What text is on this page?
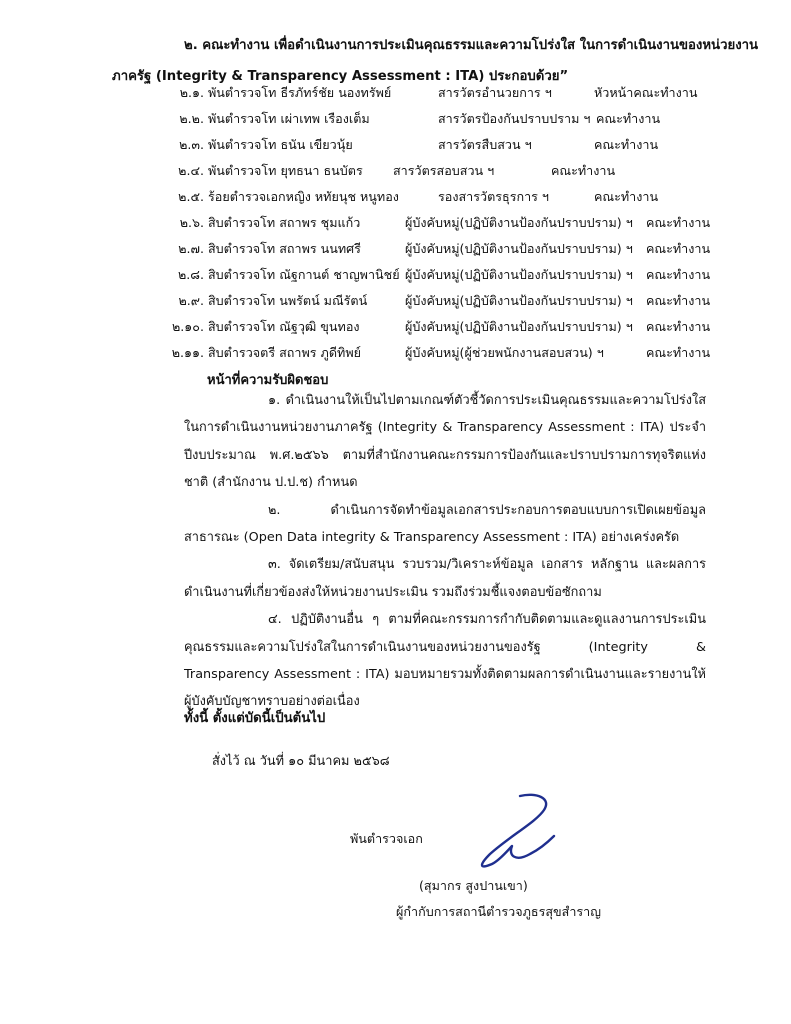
๒. คณะทำงาน เพื่อดำเนินงานการประเมินคุณธรรมและความโปร่งใส ในการดำเนินงานของหน่วยงาน
ภาครัฐ (Integrity & Transparency Assessment : ITA) ประกอบด้วย”
๒.๑. พันตำรวจโท ธีรภัทร์ชัย นองทรัพย์	สารวัตรอำนวยการ ฯ	หัวหน้าคณะทำงาน
๒.๒. พันตำรวจโท เผ่าเทพ เรืองเต็ม	สารวัตรป้องกันปราบปราม ฯ คณะทำงาน
๒.๓. พันตำรวจโท ธนัน เขียวนุ้ย	สารวัตรสืบสวน ฯ	คณะทำงาน
๒.๔. พันตำรวจโท ยุทธนา ธนบัตร สารวัตรสอบสวน ฯ	คณะทำงาน
๒.๕. ร้อยตำรวจเอกหญิง หทัยนุช หนูทอง	รองสารวัตรธุรการ ฯ	คณะทำงาน
๒.๖. สิบตำรวจโท สถาพร ชุมแก้ว	ผู้บังคับหมู่(ปฏิบัติงานป้องกันปราบปราม) ฯ คณะทำงาน
๒.๗. สิบตำรวจโท สถาพร นนทศรี	ผู้บังคับหมู่(ปฏิบัติงานป้องกันปราบปราม) ฯ คณะทำงาน
๒.๘. สิบตำรวจโท ณัฐกานต์ ชาญพานิชย์ ผู้บังคับหมู่(ปฏิบัติงานป้องกันปราบปราม) ฯ คณะทำงาน
๒.๙. สิบตำรวจโท นพรัตน์ มณีรัตน์	ผู้บังคับหมู่(ปฏิบัติงานป้องกันปราบปราม) ฯ คณะทำงาน
๒.๑๐. สิบตำรวจโท ณัฐวุฒิ ขุนทอง	ผู้บังคับหมู่(ปฏิบัติงานป้องกันปราบปราม) ฯ คณะทำงาน
๒.๑๑. สิบตำรวจตรี สถาพร ภูดีทิพย์	ผู้บังคับหมู่(ผู้ช่วยพนักงานสอบสวน) ฯ	คณะทำงาน
หน้าที่ความรับผิดชอบ

๑. ดำเนินงานให้เป็นไปตามเกณฑ์ตัวชี้วัดการประเมินคุณธรรมและความโปร่งใสในการดำเนินงานหน่วยงานภาครัฐ (Integrity & Transparency Assessment : ITA) ประจำปีงบประมาณ พ.ศ.๒๕๖๖ ตามที่สำนักงานคณะกรรมการป้องกันและปราบปรามการทุจริตแห่งชาติ (สำนักงาน ป.ป.ช) กำหนด

๒. ดำเนินการจัดทำข้อมูลเอกสารประกอบการตอบแบบการเปิดเผยข้อมูลสาธารณะ (Open Data integrity & Transparency Assessment : ITA) อย่างเคร่งครัด

๓. จัดเตรียม/สนับสนุน รวบรวม/วิเคราะห์ข้อมูล เอกสาร หลักฐาน และผลการดำเนินงานที่เกี่ยวข้องส่งให้หน่วยงานประเมิน รวมถึงร่วมชี้แจงตอบข้อซักถาม

๔. ปฏิบัติงานอื่น ๆ ตามที่คณะกรรมการกำกับติดตามและดูแลงานการประเมินคุณธรรมและความโปร่งใสในการดำเนินงานของหน่วยงานของรัฐ (Integrity & Transparency Assessment : ITA) มอบหมายรวมทั้งติดตามผลการดำเนินงานและรายงานให้ผู้บังคับบัญชาทราบอย่างต่อเนื่อง

ทั้งนี้ ตั้งแต่บัดนี้เป็นต้นไป
สั่งไว้ ณ วันที่ ๑๐ มีนาคม ๒๕๖๘
พันตำรวจเอก
(สุมากร สูงปานเขา)
ผู้กำกับการสถานีตำรวจภูธรสุขสำราญ
